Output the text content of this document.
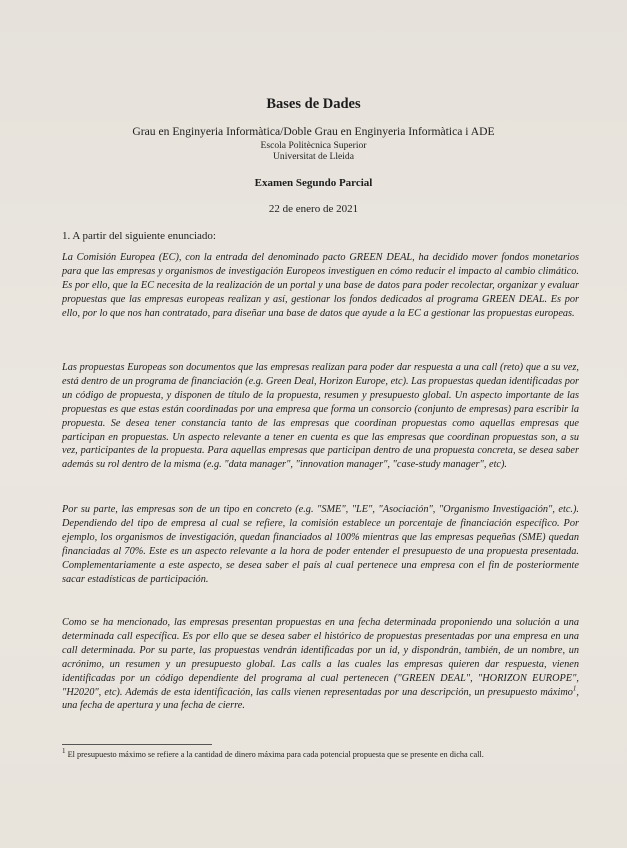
Bases de Dades
Grau en Enginyeria Informàtica/Doble Grau en Enginyeria Informàtica i ADE
Escola Politècnica Superior
Universitat de Lleida
Examen Segundo Parcial
22 de enero de 2021
1. A partir del siguiente enunciado:

La Comisión Europea (EC), con la entrada del denominado pacto GREEN DEAL, ha decidido mover fondos monetarios para que las empresas y organismos de investigación Europeos investiguen en cómo reducir el impacto al cambio climático. Es por ello, que la EC necesita de la realización de un portal y una base de datos para poder recolectar, organizar y evaluar propuestas que las empresas europeas realizan y así, gestionar los fondos dedicados al programa GREEN DEAL. Es por ello, por lo que nos han contratado, para diseñar una base de datos que ayude a la EC a gestionar las propuestas europeas.

Las propuestas Europeas son documentos que las empresas realizan para poder dar respuesta a una call (reto) que a su vez, está dentro de un programa de financiación (e.g. Green Deal, Horizon Europe, etc). Las propuestas quedan identificadas por un código de propuesta, y disponen de título de la propuesta, resumen y presupuesto global. Un aspecto importante de las propuestas es que estas están coordinadas por una empresa que forma un consorcio (conjunto de empresas) para escribir la propuesta. Se desea tener constancia tanto de las empresas que coordinan propuestas como aquellas empresas que participan en propuestas. Un aspecto relevante a tener en cuenta es que las empresas que coordinan propuestas son, a su vez, participantes de la propuesta. Para aquellas empresas que participan dentro de una propuesta concreta, se desea saber además su rol dentro de la misma (e.g. "data manager", "innovation manager", "case-study manager", etc).

Por su parte, las empresas son de un tipo en concreto (e.g. "SME", "LE", "Asociación", "Organismo Investigación", etc.). Dependiendo del tipo de empresa al cual se refiere, la comisión establece un porcentaje de financiación específico. Por ejemplo, los organismos de investigación, quedan financiados al 100% mientras que las empresas pequeñas (SME) quedan financiadas al 70%. Este es un aspecto relevante a la hora de poder entender el presupuesto de una propuesta presentada. Complementariamente a este aspecto, se desea saber el país al cual pertenece una empresa con el fin de posteriormente sacar estadísticas de participación.

Como se ha mencionado, las empresas presentan propuestas en una fecha determinada proponiendo una solución a una determinada call específica. Es por ello que se desea saber el histórico de propuestas presentadas por una empresa en una call determinada. Por su parte, las propuestas vendrán identificadas por un id, y dispondrán, también, de un nombre, un acrónimo, un resumen y un presupuesto global. Las calls a las cuales las empresas quieren dar respuesta, vienen identificadas por un código dependiente del programa al cual pertenecen ("GREEN DEAL", "HORIZON EUROPE", "H2020", etc). Además de esta identificación, las calls vienen representadas por una descripción, un presupuesto máximo$^1$, una fecha de apertura y una fecha de cierre.

$^1$ El presupuesto máximo se refiere a la cantidad de dinero máxima para cada potencial propuesta que se presente en dicha call.
